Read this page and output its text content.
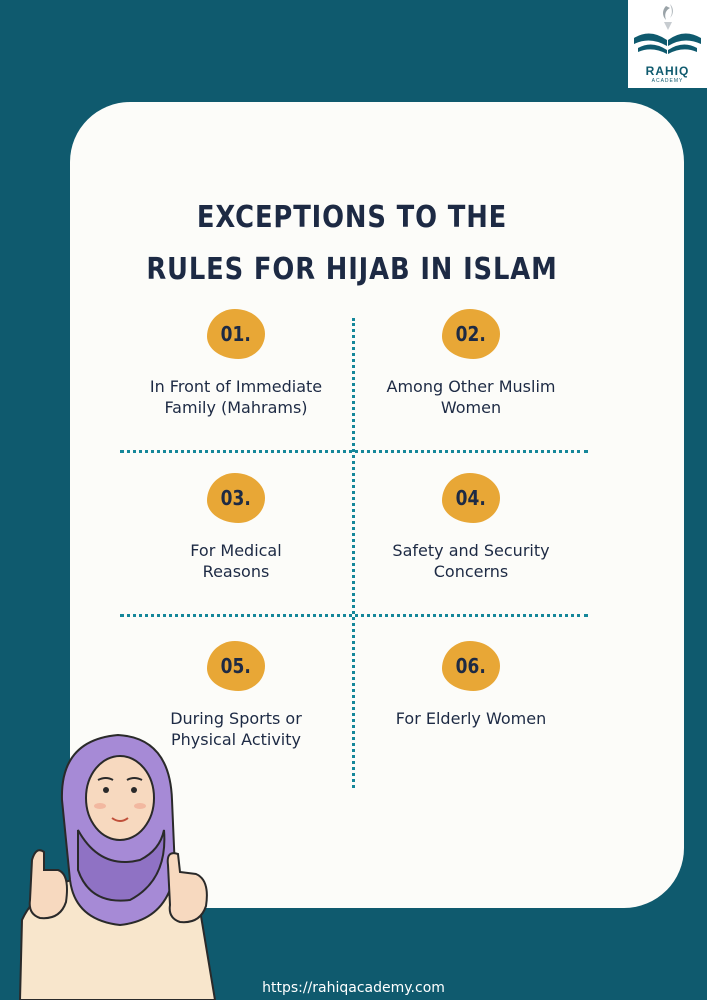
RAHIQ
ACADEMY
EXCEPTIONS TO THE
RULES FOR HIJAB IN ISLAM
01.
In Front of Immediate
Family (Mahrams)
02.
Among Other Muslim
Women
03.
For Medical
Reasons
04.
Safety and Security
Concerns
05.
During Sports or
Physical Activity
06.
For Elderly Women
https://rahiqacademy.com
